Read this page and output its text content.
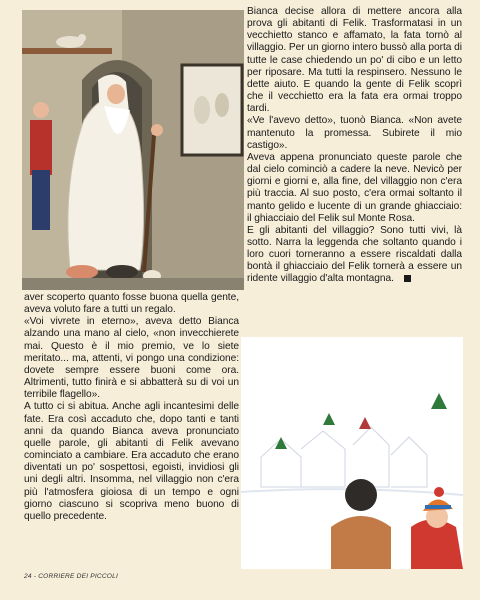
Bianca decise allora di mettere ancora alla prova gli abitanti di Felik. Trasformatasi in un vecchietto stanco e affamato, la fata tornò al villaggio. Per un giorno intero bussò alla porta di tutte le case chiedendo un po' di cibo e un letto per riposare. Ma tutti la respinsero. Nessuno le dette aiuto. E quando la gente di Felik scoprì che il vecchietto era la fata era ormai troppo tardi.

«Ve l'avevo detto», tuonò Bianca. «Non avete mantenuto la promessa. Subirete il mio castigo».

Aveva appena pronunciato queste parole che dal cielo cominciò a cadere la neve. Nevicò per giorni e giorni e, alla fine, del villaggio non c'era più traccia. Al suo posto, c'era ormai soltanto il manto gelido e lucente di un grande ghiacciaio: il ghiacciaio del Felik sul Monte Rosa.

E gli abitanti del villaggio? Sono tutti vivi, là sotto. Narra la leggenda che soltanto quando i loro cuori torneranno a essere riscaldati dalla bontà il ghiacciaio del Felik tornerà a essere un ridente villaggio d'alta montagna.

aver scoperto quanto fosse buona quella gente, aveva voluto fare a tutti un regalo.

«Voi vivrete in eterno», aveva detto Bianca alzando una mano al cielo, «non invecchierete mai. Questo è il mio premio, ve lo siete meritato... ma, attenti, vi pongo una condizione: dovete sempre essere buoni come ora. Altrimenti, tutto finirà e si abbatterà su di voi un terribile flagello».

A tutto ci si abitua. Anche agli incantesimi delle fate. Era così accaduto che, dopo tanti e tanti anni da quando Bianca aveva pronunciato quelle parole, gli abitanti di Felik avevano cominciato a cambiare. Era accaduto che erano diventati un po' sospettosi, egoisti, invidiosi gli uni degli altri. Insomma, nel villaggio non c'era più l'atmosfera gioiosa di un tempo e ogni giorno ciascuno si scopriva meno buono di quello precedente.

24 - CORRIERE DEI PICCOLI
